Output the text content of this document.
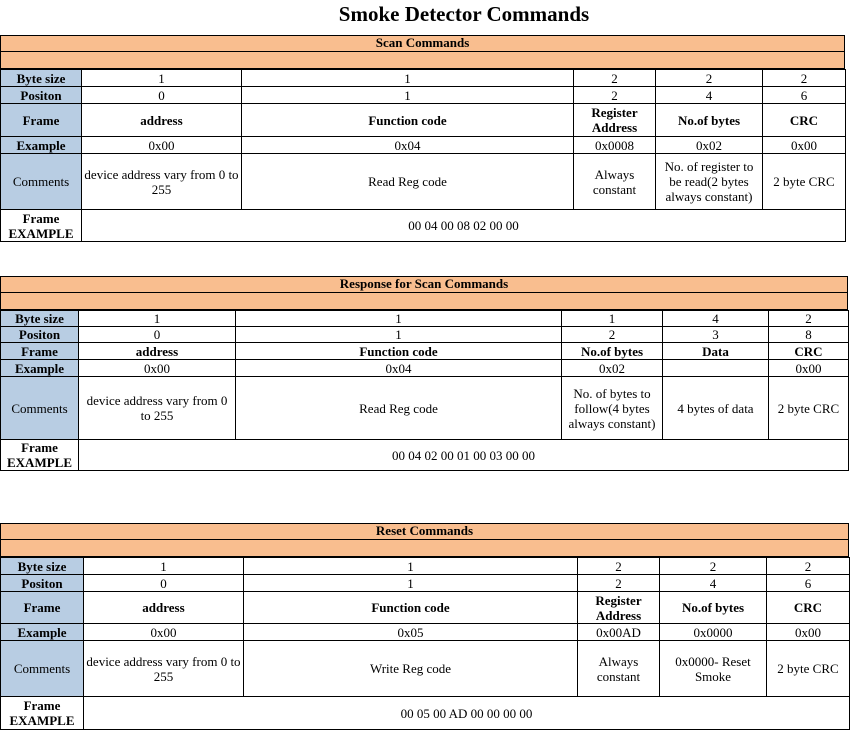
Smoke Detector Commands
Scan Commands
Byte size	1	1	2	2	2
Positon	0	1	2	4	6
Frame	address	Function code	Register Address	No.of bytes	CRC
Example	0x00	0x04	0x0008	0x02	0x00
Comments	device address vary from 0 to 255	Read Reg code	Always constant	No. of register to be read(2 bytes always constant)	2 byte CRC
Frame
EXAMPLE	00 04 00 08 02 00 00				
Response for Scan Commands
Byte size	1	1	1	4	2
Positon	0	1	2	3	8
Frame	address	Function code	No.of bytes	Data	CRC
Example	0x00	0x04	0x02		0x00
Comments	device address vary from 0 to 255	Read Reg code	No. of bytes to follow(4 bytes always constant)	4 bytes of data	2 byte CRC
Frame
EXAMPLE	00 04 02 00 01 00 03 00 00				
Reset Commands
Byte size	1	1	2	2	2
Positon	0	1	2	4	6
Frame	address	Function code	Register Address	No.of bytes	CRC
Example	0x00	0x05	0x00AD	0x0000	0x00
Comments	device address vary from 0 to 255	Write Reg code	Always constant	0x0000- Reset Smoke	2 byte CRC
Frame
EXAMPLE	00 05 00 AD 00 00 00 00				
